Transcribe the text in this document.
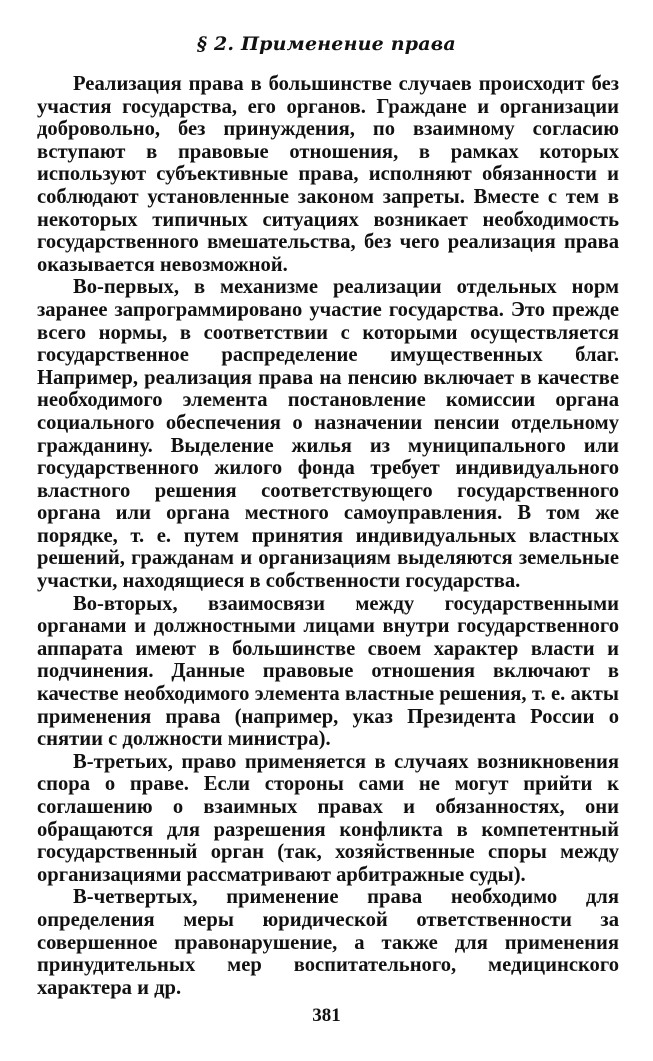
§ 2. Применение права

Реализация права в большинстве случаев происходит без участия государства, его органов. Граждане и организации добровольно, без принуждения, по взаимному согласию вступают в правовые отношения, в рамках которых используют субъективные права, исполняют обязанности и соблюдают установленные законом запреты. Вместе с тем в некоторых типичных ситуациях возникает необходимость государственного вмешательства, без чего реализация права оказывается невозможной.

Во-первых, в механизме реализации отдельных норм заранее запрограммировано участие государства. Это прежде всего нормы, в соответствии с которыми осуществляется государственное распределение имущественных благ. Например, реализация права на пенсию включает в качестве необходимого элемента постановление комиссии органа социального обеспечения о назначении пенсии отдельному гражданину. Выделение жилья из муниципального или государственного жилого фонда требует индивидуального властного решения соответствующего государственного органа или органа местного самоуправления. В том же порядке, т. е. путем принятия индивидуальных властных решений, гражданам и организациям выделяются земельные участки, находящиеся в собственности государства.

Во-вторых, взаимосвязи между государственными органами и должностными лицами внутри государственного аппарата имеют в большинстве своем характер власти и подчинения. Данные правовые отношения включают в качестве необходимого элемента властные решения, т. е. акты применения права (например, указ Президента России о снятии с должности министра).

В-третьих, право применяется в случаях возникновения спора о праве. Если стороны сами не могут прийти к соглашению о взаимных правах и обязанностях, они обращаются для разрешения конфликта в компетентный государственный орган (так, хозяйственные споры между организациями рассматривают арбитражные суды).

В-четвертых, применение права необходимо для определения меры юридической ответственности за совершенное правонарушение, а также для применения принудительных мер воспитательного, медицинского характера и др.

381
